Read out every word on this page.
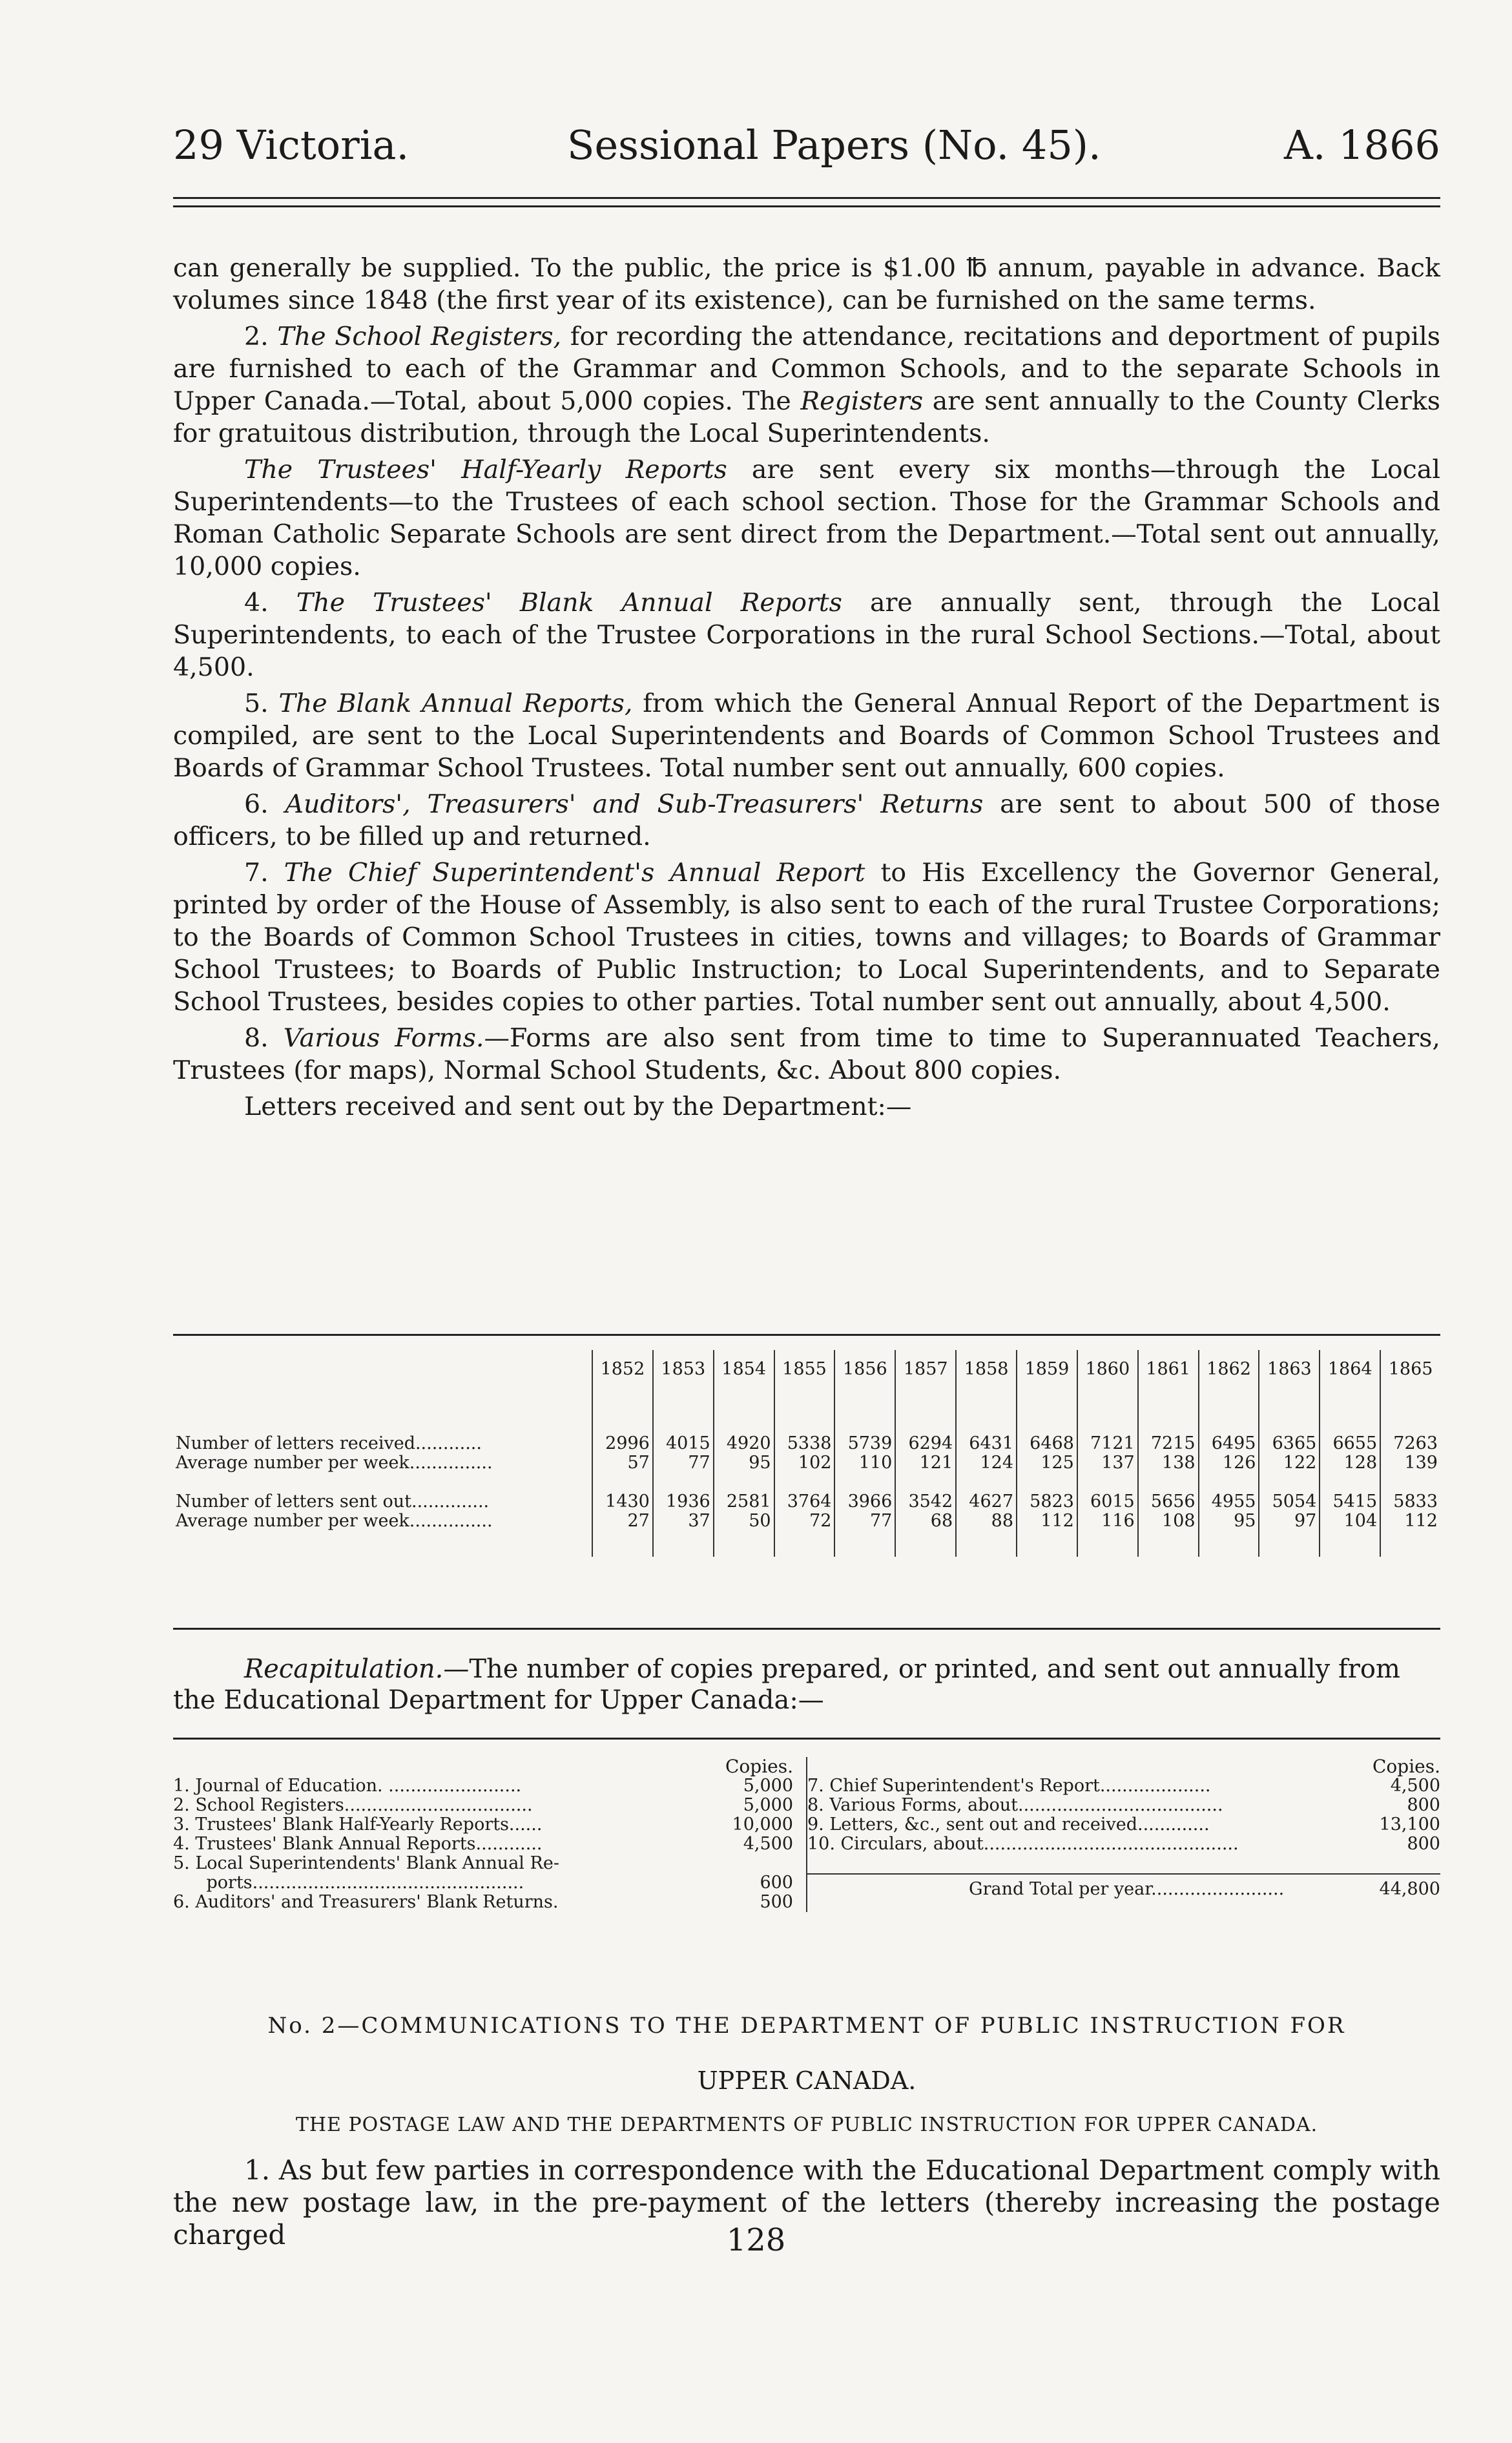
29 Victoria.	Sessional Papers (No. 45).	A. 1866

can generally be supplied. To the public, the price is $1.00 ℔ annum, payable in advance. Back volumes since 1848 (the first year of its existence), can be furnished on the same terms.

2. The School Registers, for recording the attendance, recitations and deportment of pupils are furnished to each of the Grammar and Common Schools, and to the separate Schools in Upper Canada.—Total, about 5,000 copies. The Registers are sent annually to the County Clerks for gratuitous distribution, through the Local Superintendents.

The Trustees' Half-Yearly Reports are sent every six months—through the Local Superintendents—to the Trustees of each school section. Those for the Grammar Schools and Roman Catholic Separate Schools are sent direct from the Department.—Total sent out annually, 10,000 copies.

4. The Trustees' Blank Annual Reports are annually sent, through the Local Superintendents, to each of the Trustee Corporations in the rural School Sections.—Total, about 4,500.

5. The Blank Annual Reports, from which the General Annual Report of the Department is compiled, are sent to the Local Superintendents and Boards of Common School Trustees and Boards of Grammar School Trustees. Total number sent out annually, 600 copies.

6. Auditors', Treasurers' and Sub-Treasurers' Returns are sent to about 500 of those officers, to be filled up and returned.

7. The Chief Superintendent's Annual Report to His Excellency the Governor General, printed by order of the House of Assembly, is also sent to each of the rural Trustee Corporations; to the Boards of Common School Trustees in cities, towns and villages; to Boards of Grammar School Trustees; to Boards of Public Instruction; to Local Superintendents, and to Separate School Trustees, besides copies to other parties. Total number sent out annually, about 4,500.

8. Various Forms.—Forms are also sent from time to time to Superannuated Teachers, Trustees (for maps), Normal School Students, &c. About 800 copies.

Letters received and sent out by the Department:—

	1852	1853	1854	1855	1856	1857	1858	1859	1860	1861	1862	1863	1864	1865

Number of letters received............	2996	4015	4920	5338	5739	6294	6431	6468	7121	7215	6495	6365	6655	7263
Average number per week...............	57	77	95	102	110	121	124	125	137	138	126	122	128	139

Number of letters sent out..............	1430	1936	2581	3764	3966	3542	4627	5823	6015	5656	4955	5054	5415	5833
Average number per week...............	27	37	50	72	77	68	88	112	116	108	95	97	104	112

Recapitulation.—The number of copies prepared, or printed, and sent out annually from the Educational Department for Upper Canada:—
Copies.
1. Journal of Education. ........................	5,000
2. School Registers..................................	5,000
3. Trustees' Blank Half-Yearly Reports......	10,000
4. Trustees' Blank Annual Reports............	4,500
5. Local Superintendents' Blank Annual Re-
ports.................................................	600
6. Auditors' and Treasurers' Blank Returns.	500
Copies.
7. Chief Superintendent's Report....................	4,500
8. Various Forms, about.....................................	800
9. Letters, &c., sent out and received.............	13,100
10. Circulars, about..............................................	800
Grand Total per year........................	44,800
No. 2—COMMUNICATIONS TO THE DEPARTMENT OF PUBLIC INSTRUCTION FOR
UPPER CANADA.
THE POSTAGE LAW AND THE DEPARTMENTS OF PUBLIC INSTRUCTION FOR UPPER CANADA.
1. As but few parties in correspondence with the Educational Department comply with the new postage law, in the pre-payment of the letters (thereby increasing the postage charged	128
